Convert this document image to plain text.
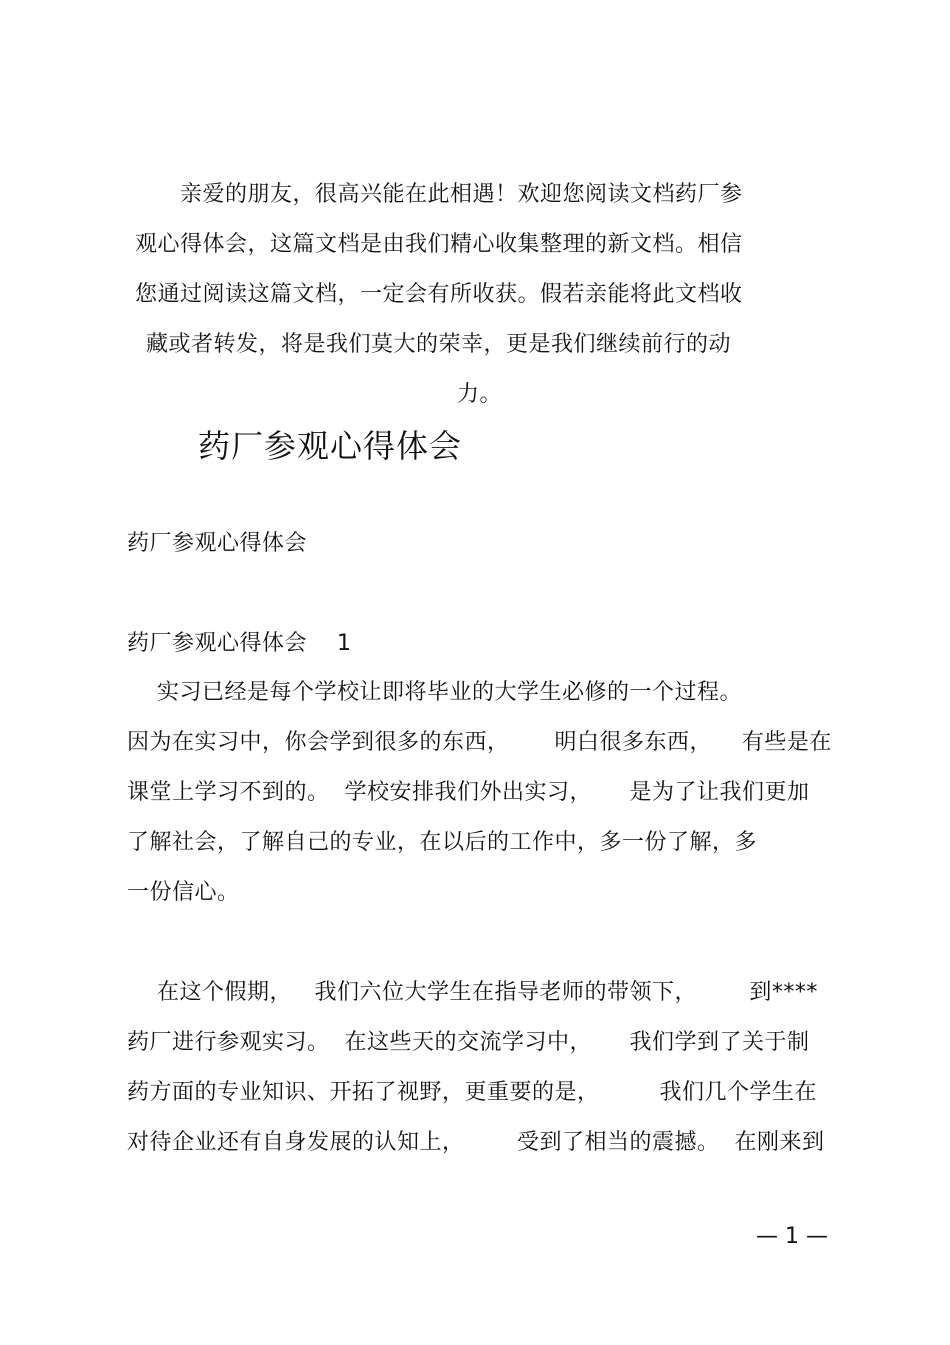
亲爱的朋友，很高兴能在此相遇！欢迎您阅读文档药厂参
观心得体会，这篇文档是由我们精心收集整理的新文档。相信
您通过阅读这篇文档，一定会有所收获。假若亲能将此文档收
藏或者转发，将是我们莫大的荣幸，更是我们继续前行的动
力。
药厂参观心得体会
药厂参观心得体会
药厂参观心得体会    1
实习已经是每个学校让即将毕业的大学生必修的一个过程。
因为在实习中，你会学到很多的东西，      明白很多东西，    有些是在
课堂上学习不到的。  学校安排我们外出实习，     是为了让我们更加
了解社会，了解自己的专业，在以后的工作中，多一份了解，多
一份信心。
在这个假期，   我们六位大学生在指导老师的带领下，       到****
药厂进行参观实习。  在这些天的交流学习中，     我们学到了关于制
药方面的专业知识、开拓了视野，更重要的是，        我们几个学生在
对待企业还有自身发展的认知上，       受到了相当的震撼。  在刚来到
— 1 —
